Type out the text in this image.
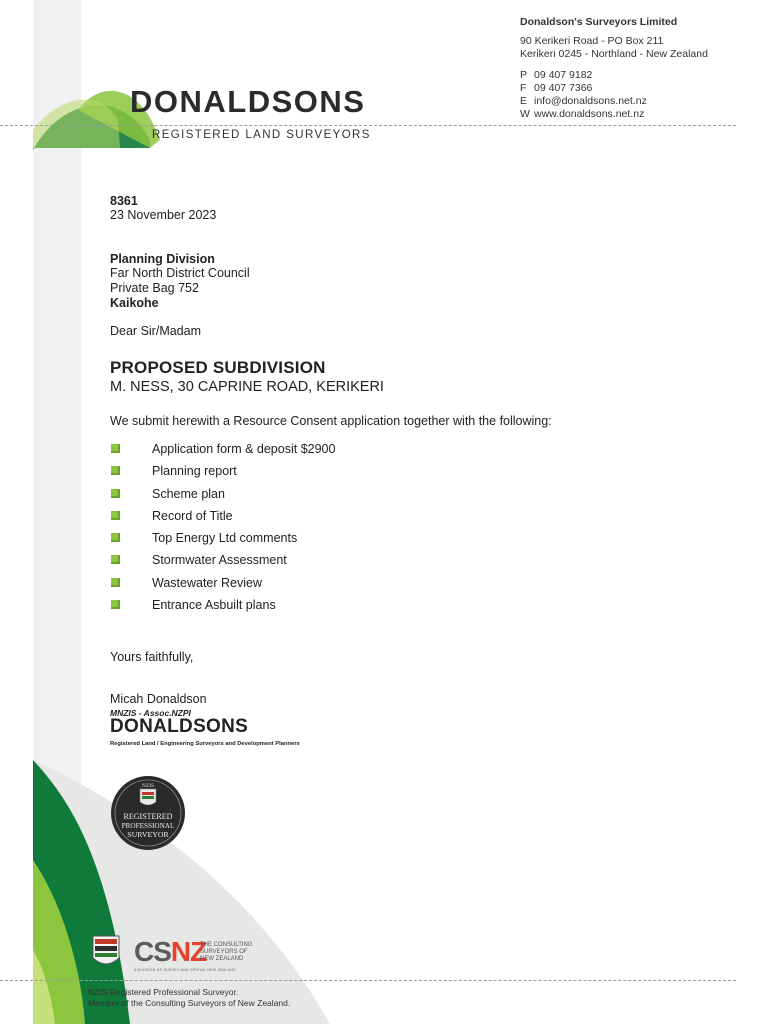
Donaldson's Surveyors Limited
90 Kerikeri Road - PO Box 211
Kerikeri 0245 - Northland - New Zealand
P 09 407 9182
F 09 407 7366
E info@donaldsons.net.nz
W www.donaldsons.net.nz
DONALDSONS
REGISTERED LAND SURVEYORS
8361
23 November 2023
Planning Division
Far North District Council
Private Bag 752
Kaikohe
Dear Sir/Madam
PROPOSED SUBDIVISION
M. NESS, 30 CAPRINE ROAD, KERIKERI
We submit herewith a Resource Consent application together with the following:
Application form & deposit $2900
Planning report
Scheme plan
Record of Title
Top Energy Ltd comments
Stormwater Assessment
Wastewater Review
Entrance Asbuilt plans
Yours faithfully,
Micah Donaldson
MNZIS - Assoc.NZPI
DONALDSONS
Registered Land / Engineering Surveyors and Development Planners
NZIS
REGISTERED
PROFESSIONAL
SURVEYOR
CSNZ
THE CONSULTING
SURVEYORS OF
NEW ZEALAND
A DIVISION OF SURVEY AND SPATIAL NEW ZEALAND
NZIS Registered Professional Surveyor.
Member of the Consulting Surveyors of New Zealand.
